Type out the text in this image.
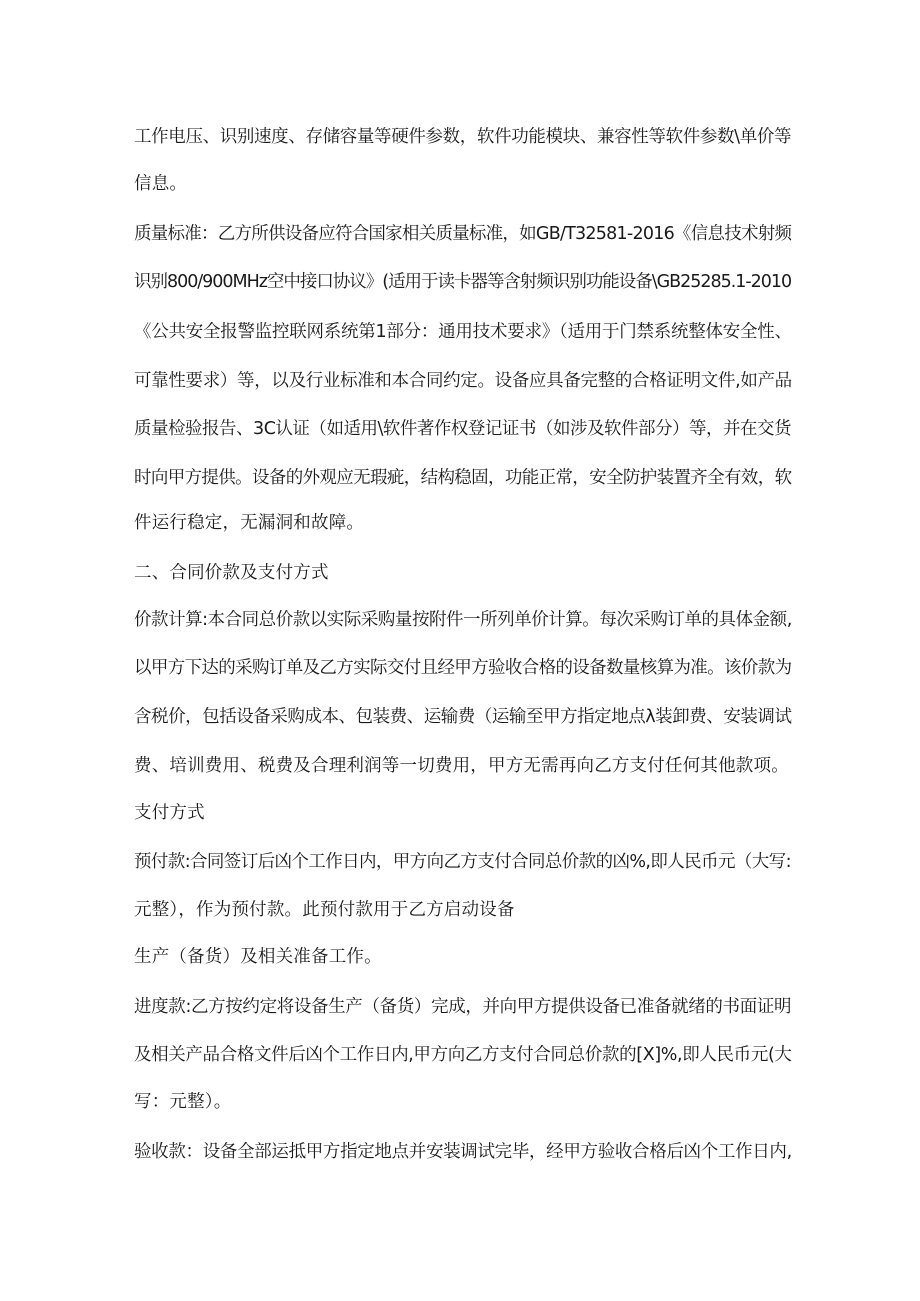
工作电压、识别速度、存储容量等硬件参数，软件功能模块、兼容性等软件参数\单价等
信息。
质量标准：乙方所供设备应符合国家相关质量标准，如GB/T32581-2016《信息技术射频
识别800/900MHz空中接口协议》(适用于读卡器等含射频识别功能设备\GB25285.1-2010
《公共安全报警监控联网系统第1部分：通用技术要求》（适用于门禁系统整体安全性、
可靠性要求）等，以及行业标准和本合同约定。设备应具备完整的合格证明文件,如产品
质量检验报告、3C认证（如适用\软件著作权登记证书（如涉及软件部分）等，并在交货
时向甲方提供。设备的外观应无瑕疵，结构稳固，功能正常，安全防护装置齐全有效，软
件运行稳定，无漏洞和故障。
二、合同价款及支付方式
价款计算:本合同总价款以实际采购量按附件一所列单价计算。每次采购订单的具体金额,
以甲方下达的采购订单及乙方实际交付且经甲方验收合格的设备数量核算为准。该价款为
含税价，包括设备采购成本、包装费、运输费（运输至甲方指定地点λ装卸费、安装调试
费、培训费用、税费及合理利润等一切费用，甲方无需再向乙方支付任何其他款项。
支付方式
预付款:合同签订后凶个工作日内，甲方向乙方支付合同总价款的凶%,即人民币元（大写:
元整），作为预付款。此预付款用于乙方启动设备
生产（备货）及相关准备工作。
进度款:乙方按约定将设备生产（备货）完成，并向甲方提供设备已准备就绪的书面证明
及相关产品合格文件后凶个工作日内,甲方向乙方支付合同总价款的[X]%,即人民币元(大
写：元整）。
验收款：设备全部运抵甲方指定地点并安装调试完毕，经甲方验收合格后凶个工作日内,
